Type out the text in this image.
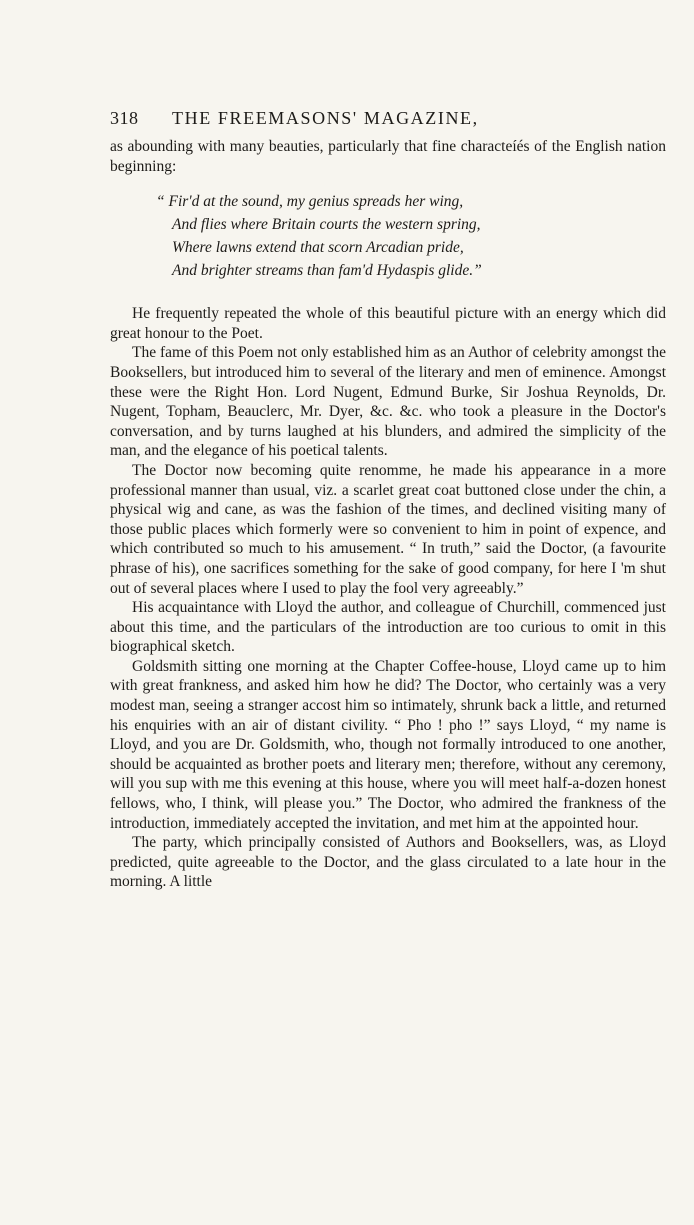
318	THE FREEMASONS' MAGAZINE,

as abounding with many beauties, particularly that fine characteíés of the English nation beginning:

“ Fir'd at the sound, my genius spreads her wing,
And flies where Britain courts the western spring,
Where lawns extend that scorn Arcadian pride,
And brighter streams than fam'd Hydaspis glide.”

He frequently repeated the whole of this beautiful picture with an energy which did great honour to the Poet.

The fame of this Poem not only established him as an Author of celebrity amongst the Booksellers, but introduced him to several of the literary and men of eminence. Amongst these were the Right Hon. Lord Nugent, Edmund Burke, Sir Joshua Reynolds, Dr. Nugent, Topham, Beauclerc, Mr. Dyer, &c. &c. who took a pleasure in the Doctor's conversation, and by turns laughed at his blunders, and admired the simplicity of the man, and the elegance of his poetical talents.

The Doctor now becoming quite renomme, he made his appearance in a more professional manner than usual, viz. a scarlet great coat buttoned close under the chin, a physical wig and cane, as was the fashion of the times, and declined visiting many of those public places which formerly were so convenient to him in point of expence, and which contributed so much to his amusement. “ In truth,” said the Doctor, (a favourite phrase of his), one sacrifices something for the sake of good company, for here I 'm shut out of several places where I used to play the fool very agreeably.”

His acquaintance with Lloyd the author, and colleague of Churchill, commenced just about this time, and the particulars of the introduction are too curious to omit in this biographical sketch.

Goldsmith sitting one morning at the Chapter Coffee-house, Lloyd came up to him with great frankness, and asked him how he did? The Doctor, who certainly was a very modest man, seeing a stranger accost him so intimately, shrunk back a little, and returned his enquiries with an air of distant civility. “ Pho ! pho !” says Lloyd, “ my name is Lloyd, and you are Dr. Goldsmith, who, though not formally introduced to one another, should be acquainted as brother poets and literary men; therefore, without any ceremony, will you sup with me this evening at this house, where you will meet half-a-dozen honest fellows, who, I think, will please you.” The Doctor, who admired the frankness of the introduction, immediately accepted the invitation, and met him at the appointed hour.

The party, which principally consisted of Authors and Booksellers, was, as Lloyd predicted, quite agreeable to the Doctor, and the glass circulated to a late hour in the morning. A little
